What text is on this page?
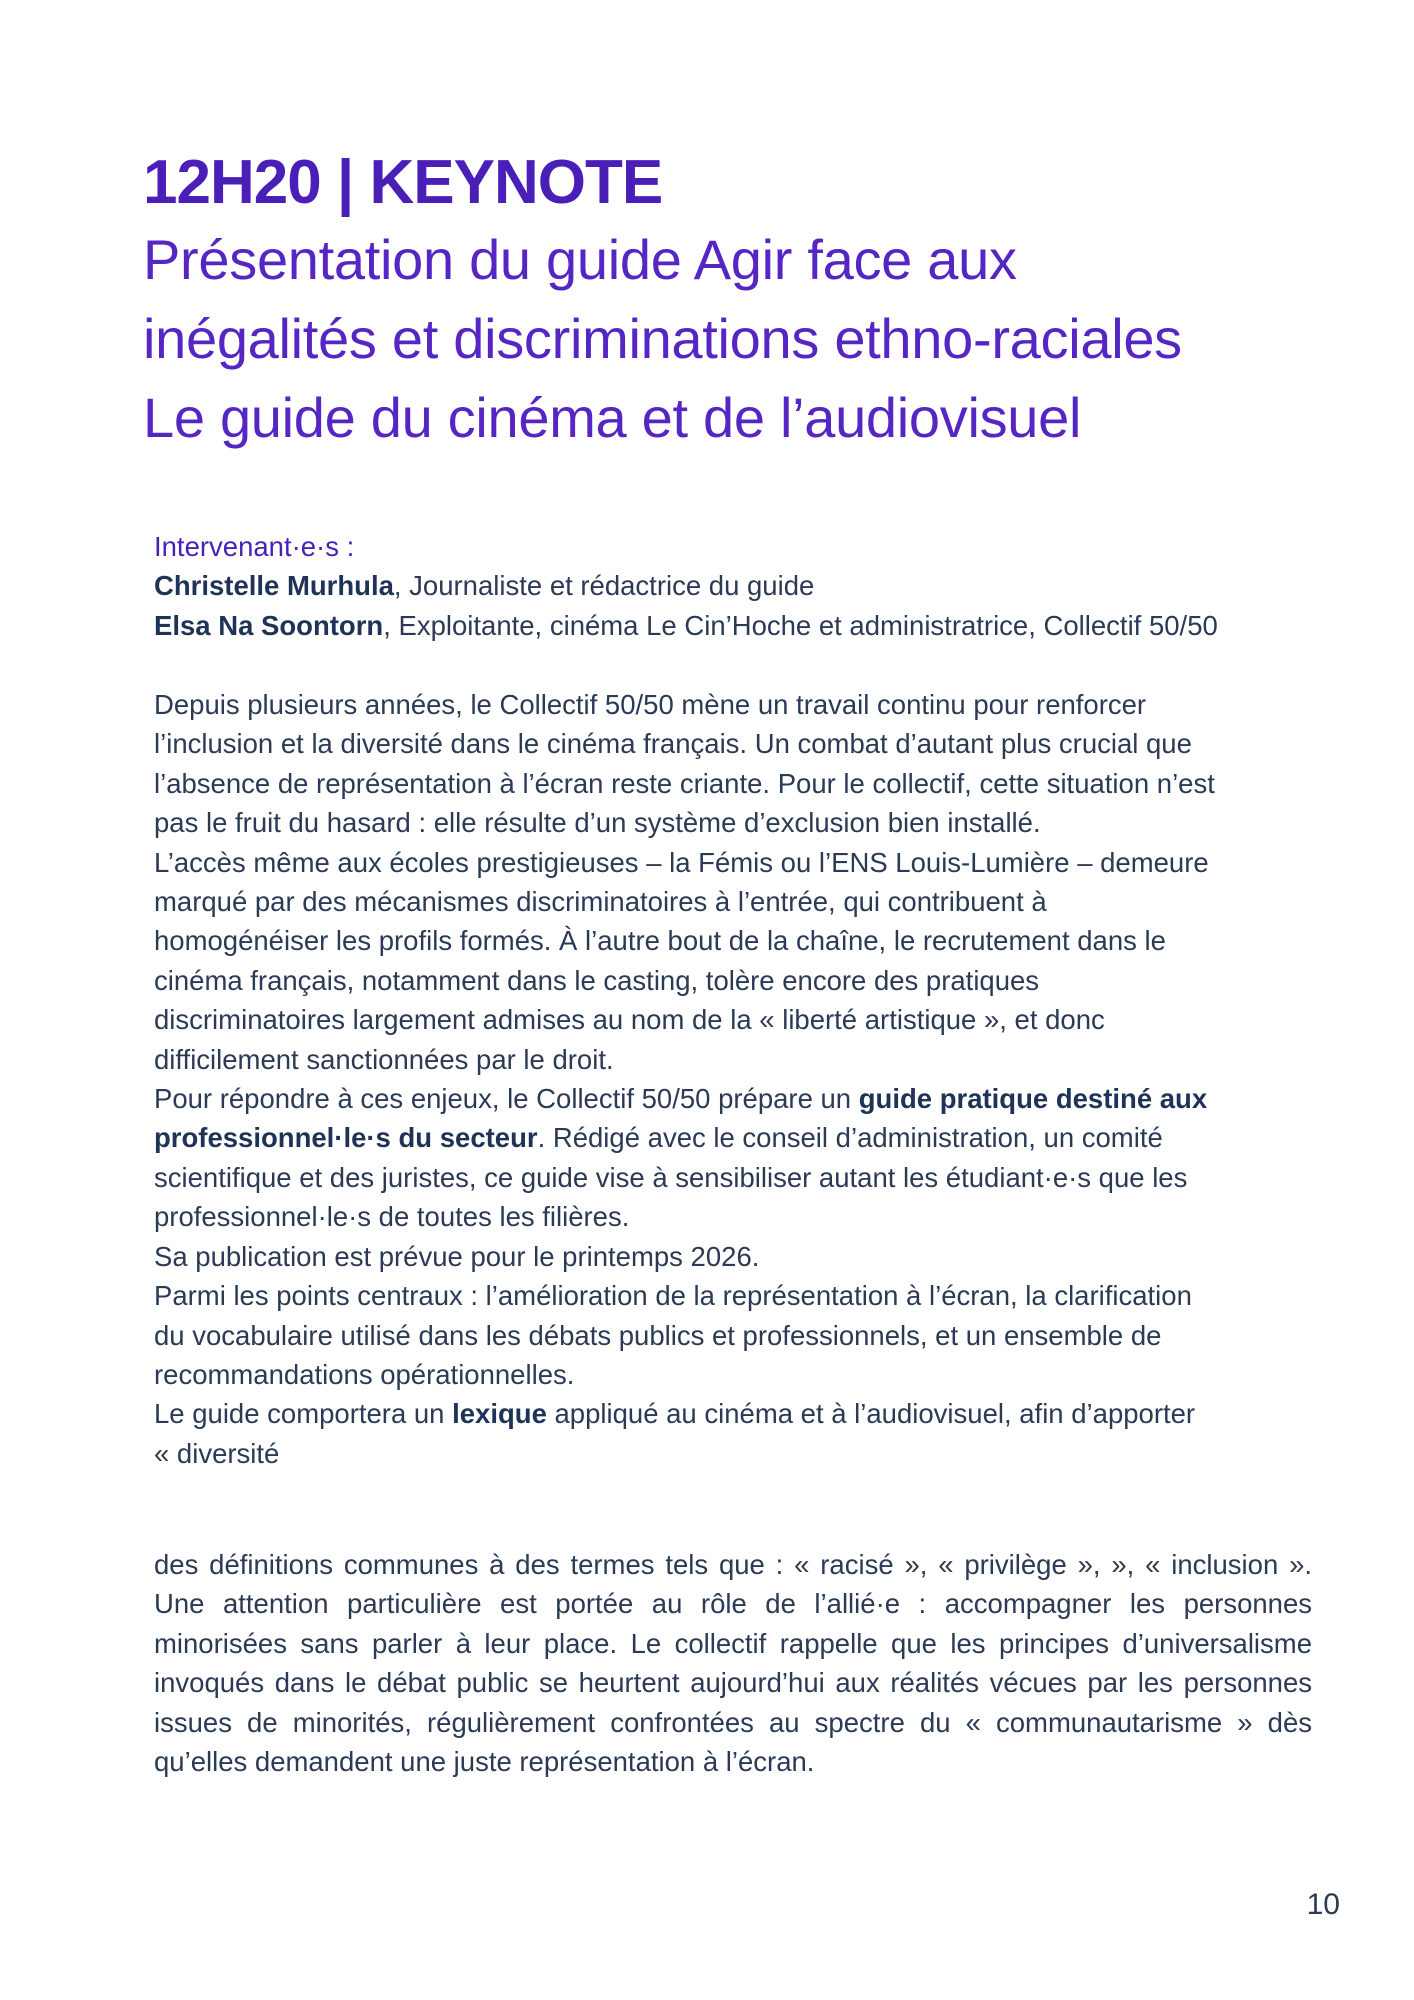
12H20 | KEYNOTE
Présentation du guide Agir face aux
inégalités et discriminations ethno-raciales
Le guide du cinéma et de l’audiovisuel
Intervenant·e·s :
Christelle Murhula, Journaliste et rédactrice du guide
Elsa Na Soontorn, Exploitante, cinéma Le Cin’Hoche et administratrice, Collectif 50/50
Depuis plusieurs années, le Collectif 50/50 mène un travail continu pour renforcer
l’inclusion et la diversité dans le cinéma français. Un combat d’autant plus crucial que
l’absence de représentation à l’écran reste criante. Pour le collectif, cette situation n’est
pas le fruit du hasard : elle résulte d’un système d’exclusion bien installé.
L’accès même aux écoles prestigieuses – la Fémis ou l’ENS Louis-Lumière – demeure
marqué par des mécanismes discriminatoires à l’entrée, qui contribuent à
homogénéiser les profils formés. À l’autre bout de la chaîne, le recrutement dans le
cinéma français, notamment dans le casting, tolère encore des pratiques
discriminatoires largement admises au nom de la « liberté artistique », et donc
difficilement sanctionnées par le droit.
Pour répondre à ces enjeux, le Collectif 50/50 prépare un guide pratique destiné aux
professionnel·le·s du secteur. Rédigé avec le conseil d’administration, un comité
scientifique et des juristes, ce guide vise à sensibiliser autant les étudiant·e·s que les
professionnel·le·s de toutes les filières.
Sa publication est prévue pour le printemps 2026.
Parmi les points centraux : l’amélioration de la représentation à l’écran, la clarification
du vocabulaire utilisé dans les débats publics et professionnels, et un ensemble de
recommandations opérationnelles.
Le guide comportera un lexique appliqué au cinéma et à l’audiovisuel, afin d’apporter
« diversité
des définitions communes à des termes tels que : « racisé », « privilège », », « inclusion ». Une attention particulière est portée au rôle de l’allié·e : accompagner les personnes minorisées sans parler à leur place. Le collectif rappelle que les principes d’universalisme invoqués dans le débat public se heurtent aujourd’hui aux réalités vécues par les personnes issues de minorités, régulièrement confrontées au spectre du « communautarisme » dès qu’elles demandent une juste représentation à l’écran.
10
